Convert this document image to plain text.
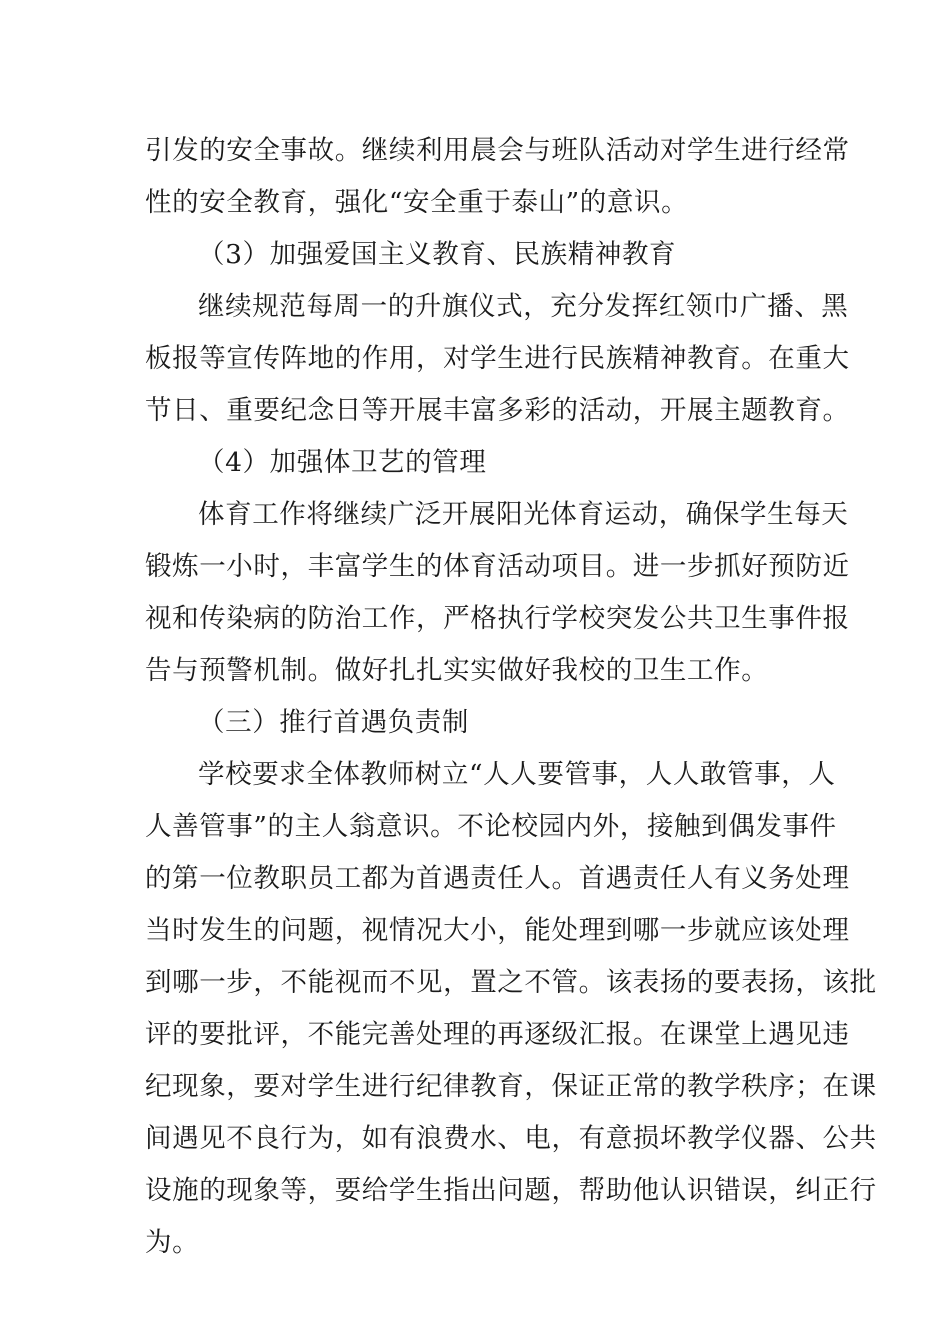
引发的安全事故。继续利用晨会与班队活动对学生进行经常
性的安全教育，强化“安全重于泰山”的意识。
（3）加强爱国主义教育、民族精神教育
继续规范每周一的升旗仪式，充分发挥红领巾广播、黑
板报等宣传阵地的作用，对学生进行民族精神教育。在重大
节日、重要纪念日等开展丰富多彩的活动，开展主题教育。
（4）加强体卫艺的管理
体育工作将继续广泛开展阳光体育运动，确保学生每天
锻炼一小时，丰富学生的体育活动项目。进一步抓好预防近
视和传染病的防治工作，严格执行学校突发公共卫生事件报
告与预警机制。做好扎扎实实做好我校的卫生工作。
（三）推行首遇负责制
学校要求全体教师树立“人人要管事，人人敢管事，人
人善管事”的主人翁意识。不论校园内外，接触到偶发事件
的第一位教职员工都为首遇责任人。首遇责任人有义务处理
当时发生的问题，视情况大小，能处理到哪一步就应该处理
到哪一步，不能视而不见，置之不管。该表扬的要表扬，该批
评的要批评，不能完善处理的再逐级汇报。在课堂上遇见违
纪现象，要对学生进行纪律教育，保证正常的教学秩序；在课
间遇见不良行为，如有浪费水、电，有意损坏教学仪器、公共
设施的现象等，要给学生指出问题，帮助他认识错误，纠正行
为。
